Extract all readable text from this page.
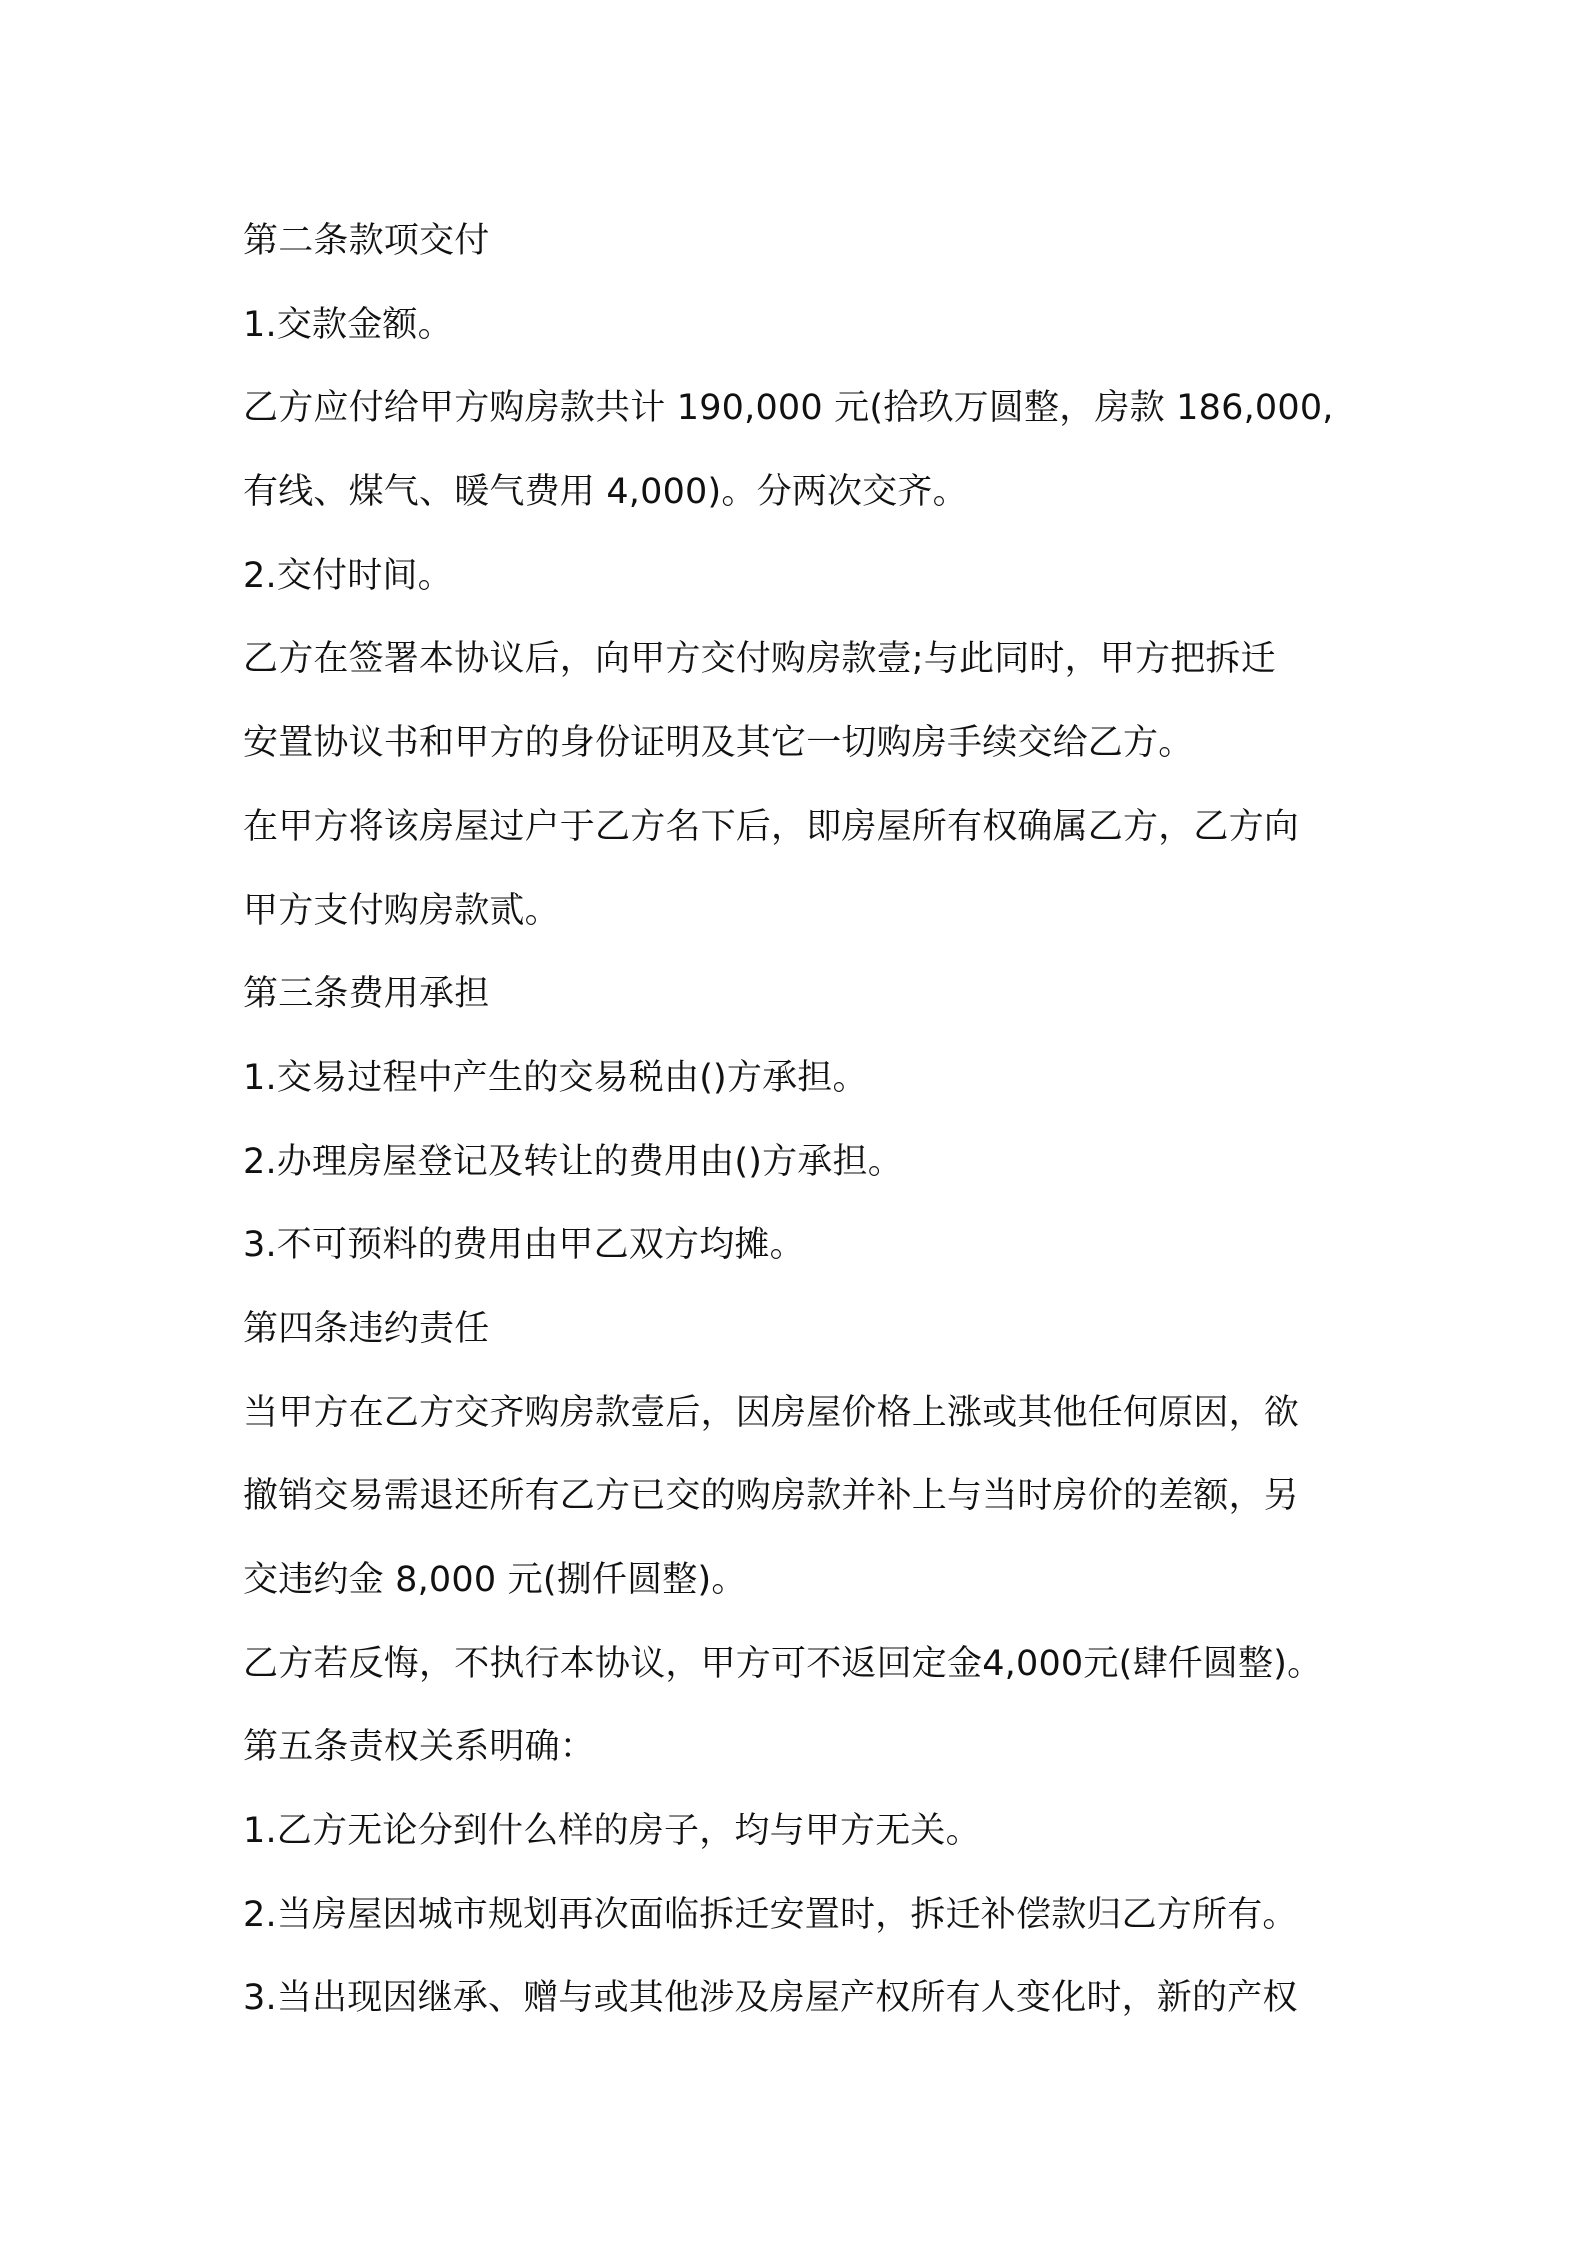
第二条款项交付
1.交款金额。
乙方应付给甲方购房款共计 190,000 元(拾玖万圆整，房款 186,000,
有线、煤气、暖气费用 4,000)。分两次交齐。
2.交付时间。
乙方在签署本协议后，向甲方交付购房款壹;与此同时，甲方把拆迁
安置协议书和甲方的身份证明及其它一切购房手续交给乙方。
在甲方将该房屋过户于乙方名下后，即房屋所有权确属乙方，乙方向
甲方支付购房款贰。
第三条费用承担
1.交易过程中产生的交易税由()方承担。
2.办理房屋登记及转让的费用由()方承担。
3.不可预料的费用由甲乙双方均摊。
第四条违约责任
当甲方在乙方交齐购房款壹后，因房屋价格上涨或其他任何原因，欲
撤销交易需退还所有乙方已交的购房款并补上与当时房价的差额，另
交违约金 8,000 元(捌仟圆整)。
乙方若反悔，不执行本协议，甲方可不返回定金4,000元(肆仟圆整)。
第五条责权关系明确：
1.乙方无论分到什么样的房子，均与甲方无关。
2.当房屋因城市规划再次面临拆迁安置时，拆迁补偿款归乙方所有。
3.当出现因继承、赠与或其他涉及房屋产权所有人变化时，新的产权
